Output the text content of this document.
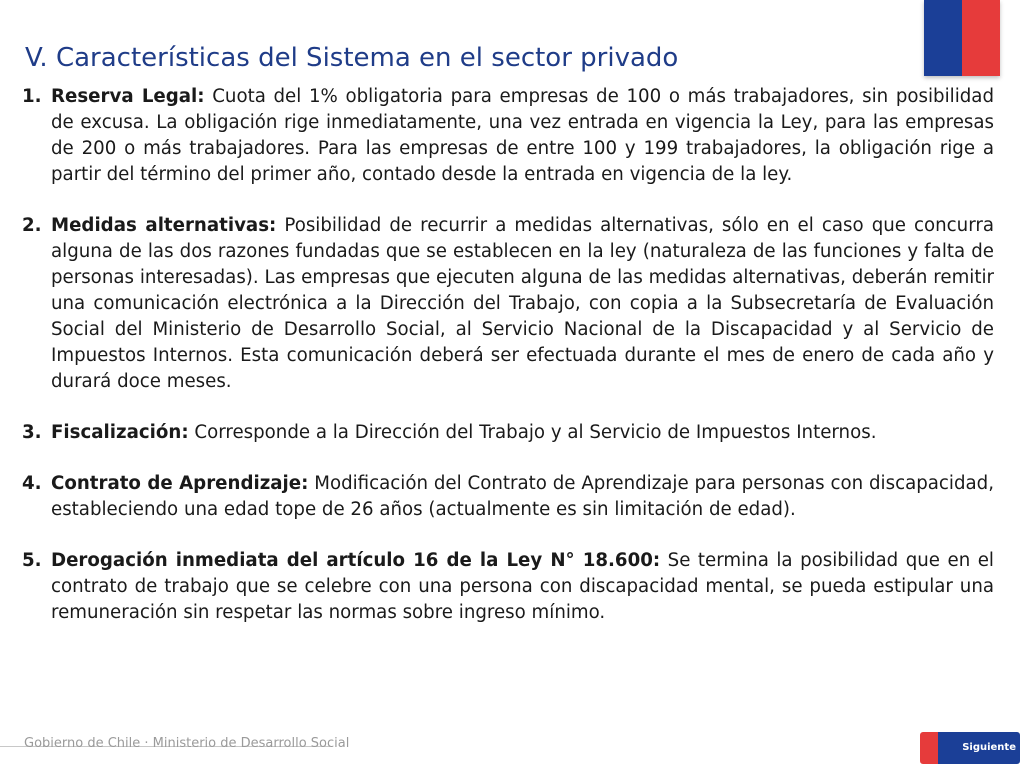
V. Características del Sistema en el sector privado
1. Reserva Legal: Cuota del 1% obligatoria para empresas de 100 o más trabajadores, sin posibilidad de excusa. La obligación rige inmediatamente, una vez entrada en vigencia la Ley, para las empresas de 200 o más trabajadores. Para las empresas de entre 100 y 199 trabajadores, la obligación rige a partir del término del primer año, contado desde la entrada en vigencia de la ley.
2. Medidas alternativas: Posibilidad de recurrir a medidas alternativas, sólo en el caso que concurra alguna de las dos razones fundadas que se establecen en la ley (naturaleza de las funciones y falta de personas interesadas). Las empresas que ejecuten alguna de las medidas alternativas, deberán remitir una comunicación electrónica a la Dirección del Trabajo, con copia a la Subsecretaría de Evaluación Social del Ministerio de Desarrollo Social, al Servicio Nacional de la Discapacidad y al Servicio de Impuestos Internos. Esta comunicación deberá ser efectuada durante el mes de enero de cada año y durará doce meses.
3. Fiscalización: Corresponde a la Dirección del Trabajo y al Servicio de Impuestos Internos.
4. Contrato de Aprendizaje: Modificación del Contrato de Aprendizaje para personas con discapacidad, estableciendo una edad tope de 26 años (actualmente es sin limitación de edad).
5. Derogación inmediata del artículo 16 de la Ley N° 18.600: Se termina la posibilidad que en el contrato de trabajo que se celebre con una persona con discapacidad mental, se pueda estipular una remuneración sin respetar las normas sobre ingreso mínimo.
Gobierno de Chile · Ministerio de Desarrollo Social	Siguiente
